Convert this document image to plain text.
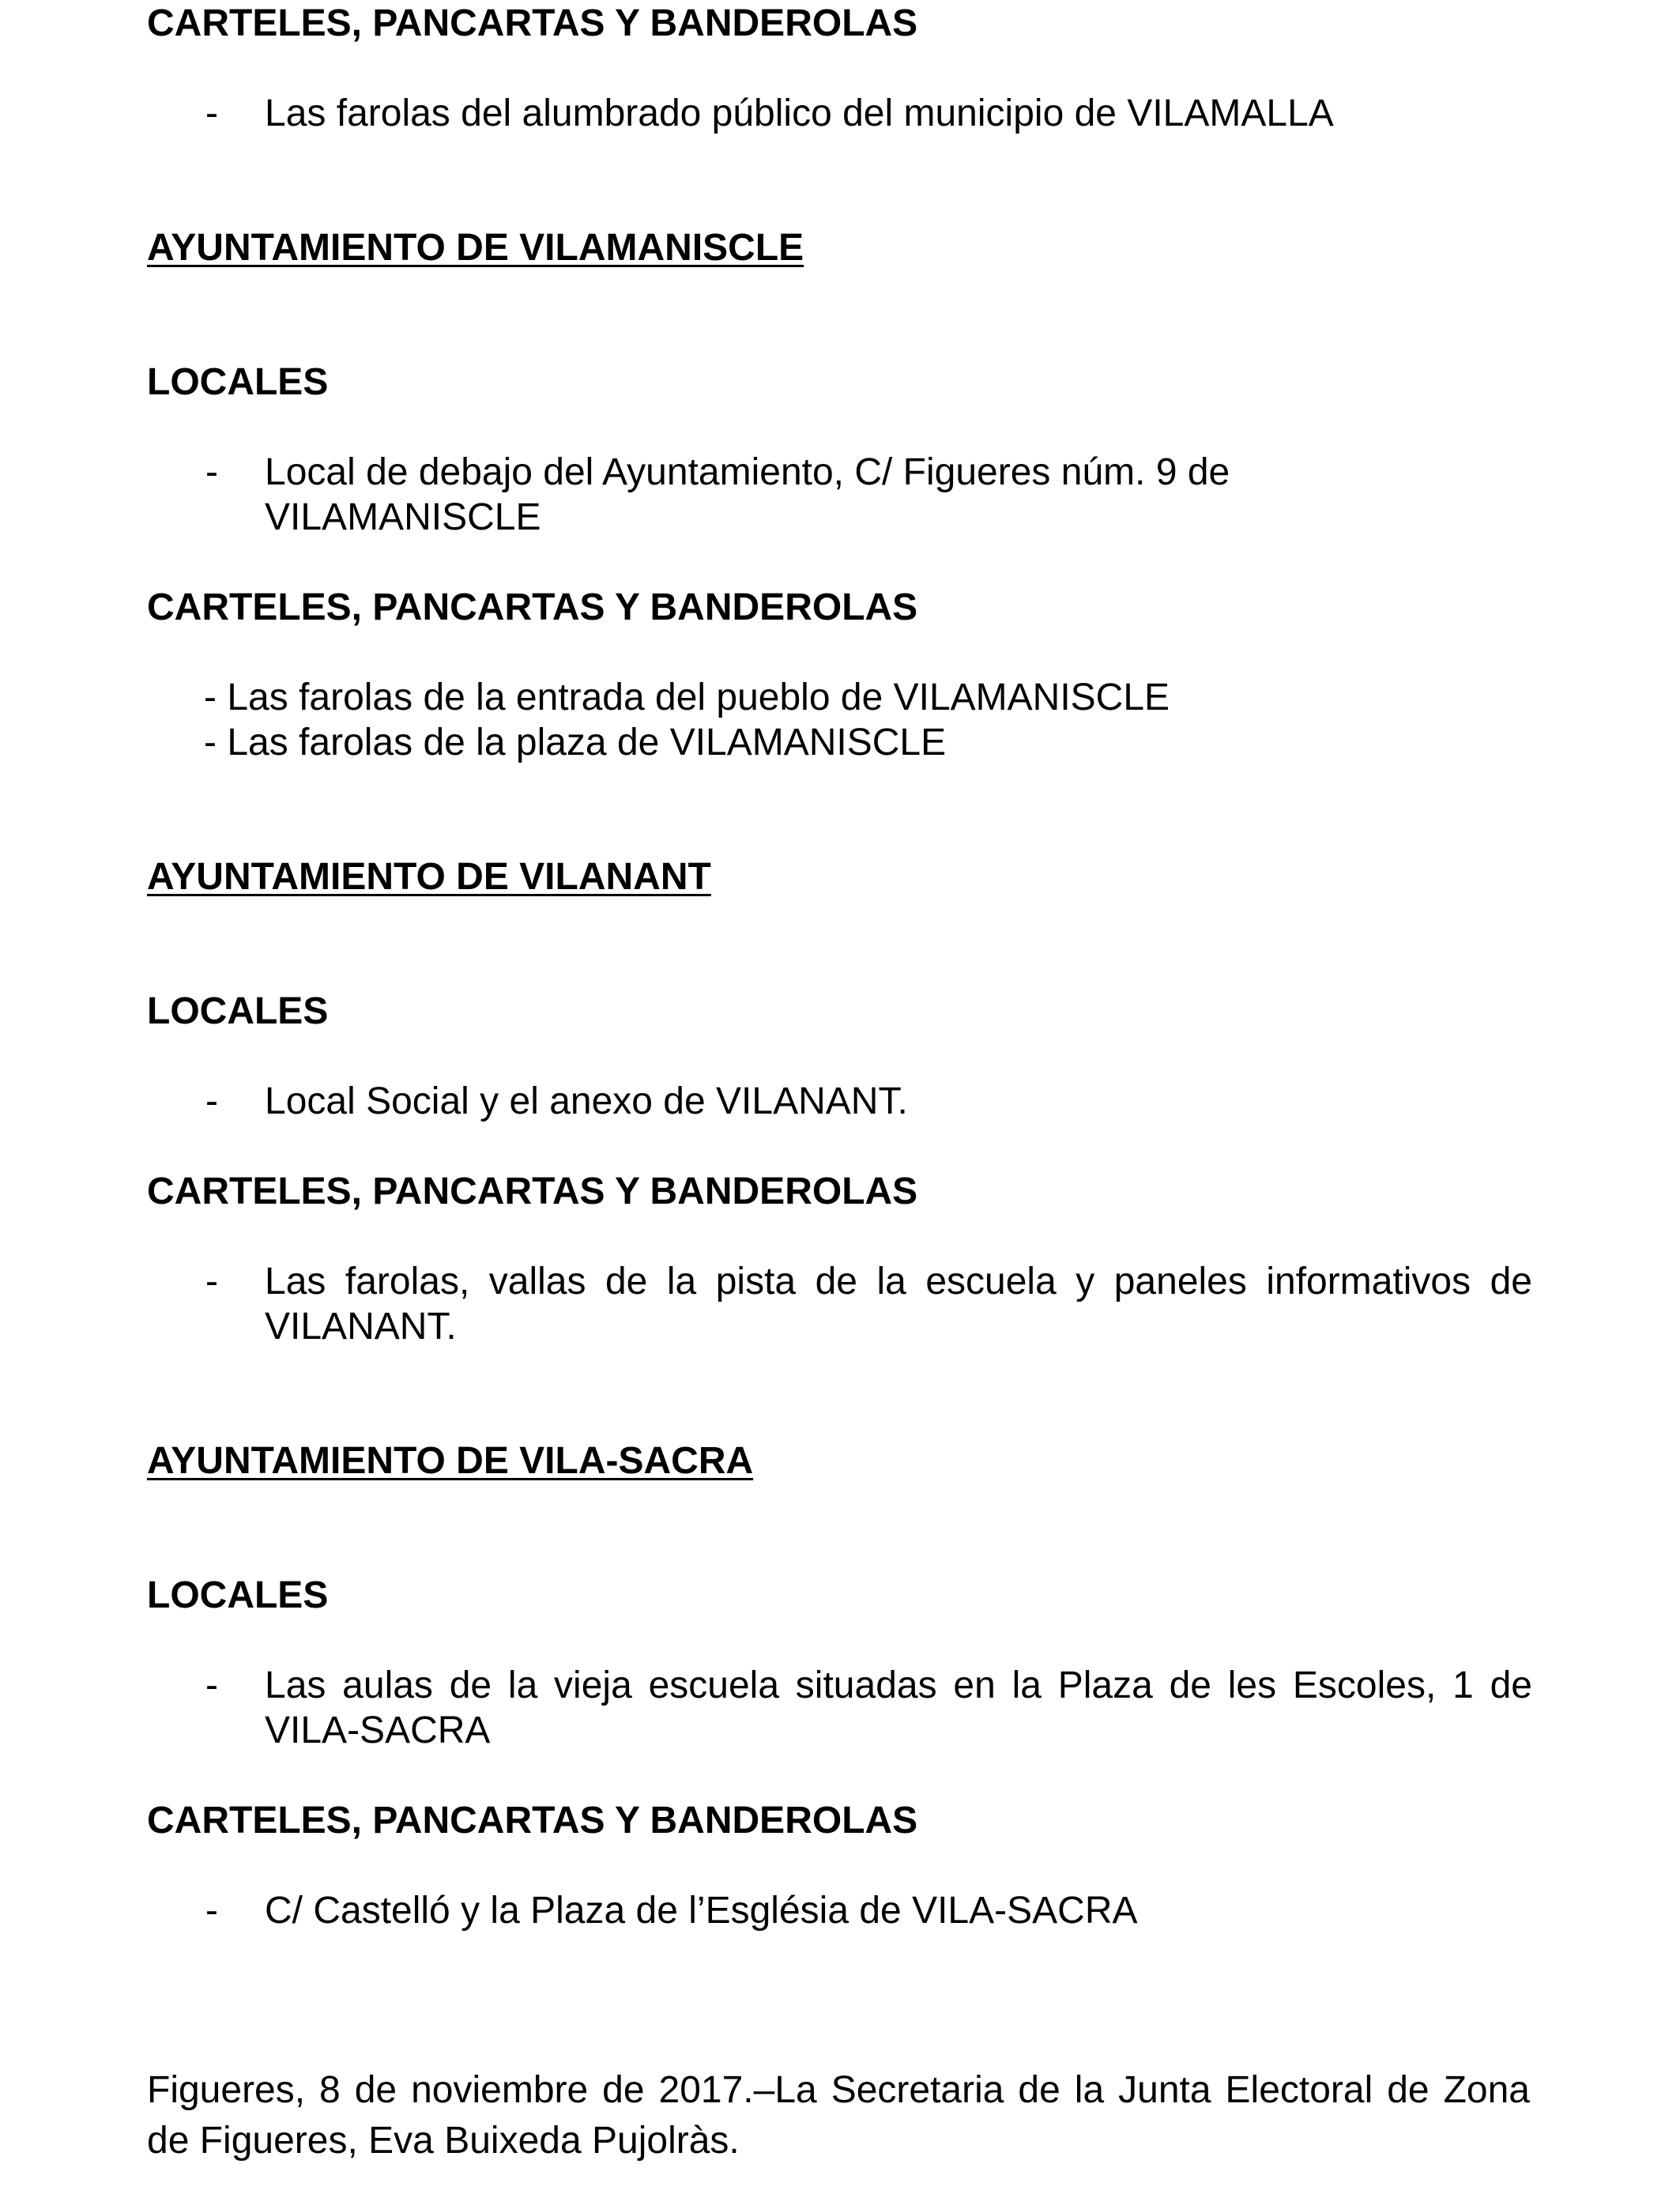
CARTELES, PANCARTAS Y BANDEROLAS

- Las farolas del alumbrado público del municipio de VILAMALLA

AYUNTAMIENTO DE VILAMANISCLE

LOCALES

- Local de debajo del Ayuntamiento, C/ Figueres núm. 9 de

VILAMANISCLE

CARTELES, PANCARTAS Y BANDEROLAS

- Las farolas de la entrada del pueblo de VILAMANISCLE

- Las farolas de la plaza de VILAMANISCLE

AYUNTAMIENTO DE VILANANT

LOCALES

- Local Social y el anexo de VILANANT.

CARTELES, PANCARTAS Y BANDEROLAS

- Las farolas, vallas de la pista de la escuela y paneles informativos de

VILANANT.

AYUNTAMIENTO DE VILA-SACRA

LOCALES

- Las aulas de la vieja escuela situadas en la Plaza de les Escoles, 1 de

VILA-SACRA

CARTELES, PANCARTAS Y BANDEROLAS

- C/ Castelló y la Plaza de l’Església de VILA-SACRA

Figueres, 8 de noviembre de 2017.–La Secretaria de la Junta Electoral de Zona

de Figueres, Eva Buixeda Pujolràs.
